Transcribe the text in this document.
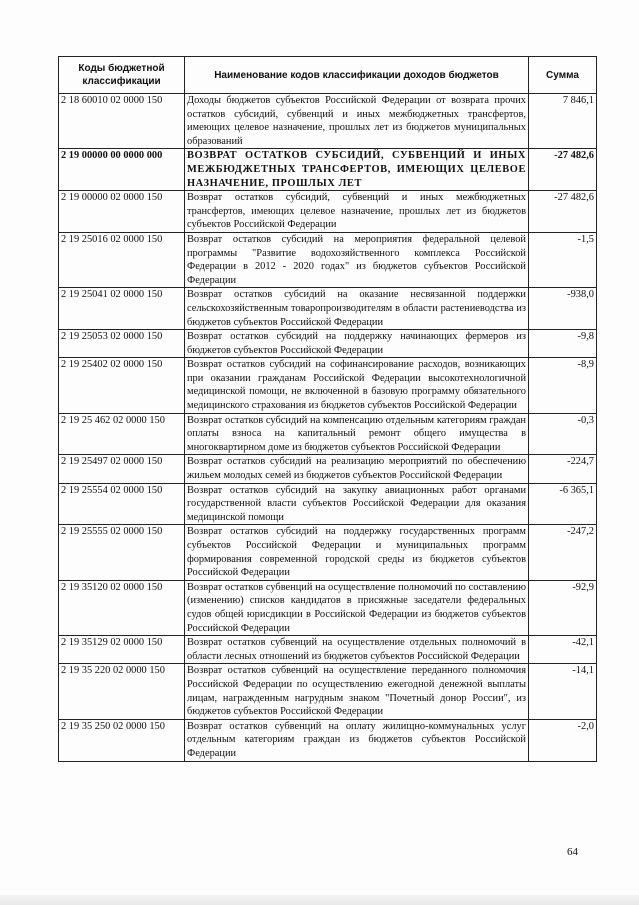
Коды бюджетной классификации	Наименование кодов классификации доходов бюджетов	Сумма
2 18 60010 02 0000 150	Доходы бюджетов субъектов Российской Федерации от возврата прочих остатков субсидий, субвенций и иных межбюджетных трансфертов, имеющих целевое назначение, прошлых лет из бюджетов муниципальных образований	7 846,1
2 19 00000 00 0000 000	ВОЗВРАТ ОСТАТКОВ СУБСИДИЙ, СУБВЕНЦИЙ И ИНЫХ МЕЖБЮДЖЕТНЫХ ТРАНСФЕРТОВ, ИМЕЮЩИХ ЦЕЛЕВОЕ НАЗНАЧЕНИЕ, ПРОШЛЫХ ЛЕТ	-27 482,6
2 19 00000 02 0000 150	Возврат остатков субсидий, субвенций и иных межбюджетных трансфертов, имеющих целевое назначение, прошлых лет из бюджетов субъектов Российской Федерации	-27 482,6
2 19 25016 02 0000 150	Возврат остатков субсидий на мероприятия федеральной целевой программы "Развитие водохозяйственного комплекса Российской Федерации в 2012 - 2020 годах" из бюджетов субъектов Российской Федерации	-1,5
2 19 25041 02 0000 150	Возврат остатков субсидий на оказание несвязанной поддержки сельскохозяйственным товаропроизводителям в области растениеводства из бюджетов субъектов Российской Федерации	-938,0
2 19 25053 02 0000 150	Возврат остатков субсидий на поддержку начинающих фермеров из бюджетов субъектов Российской Федерации	-9,8
2 19 25402 02 0000 150	Возврат остатков субсидий на софинансирование расходов, возникающих при оказании гражданам Российской Федерации высокотехнологичной медицинской помощи, не включенной в базовую программу обязательного медицинского страхования из бюджетов субъектов Российской Федерации	-8,9
2 19 25 462 02 0000 150	Возврат остатков субсидий на компенсацию отдельным категориям граждан оплаты взноса на капитальный ремонт общего имущества в многоквартирном доме из бюджетов субъектов Российской Федерации	-0,3
2 19 25497 02 0000 150	Возврат остатков субсидий на реализацию мероприятий по обеспечению жильем молодых семей из бюджетов субъектов Российской Федерации	-224,7
2 19 25554 02 0000 150	Возврат остатков субсидий на закупку авиационных работ органами государственной власти субъектов Российской Федерации для оказания медицинской помощи	-6 365,1
2 19 25555 02 0000 150	Возврат остатков субсидий на поддержку государственных программ субъектов Российской Федерации и муниципальных программ формирования современной городской среды из бюджетов субъектов Российской Федерации	-247,2
2 19 35120 02 0000 150	Возврат остатков субвенций на осуществление полномочий по составлению (изменению) списков кандидатов в присяжные заседатели федеральных судов общей юрисдикции в Российской Федерации из бюджетов субъектов Российской Федерации	-92,9
2 19 35129 02 0000 150	Возврат остатков субвенций на осуществление отдельных полномочий в области лесных отношений из бюджетов субъектов Российской Федерации	-42,1
2 19 35 220 02 0000 150	Возврат остатков субвенций на осуществление переданного полномочия Российской Федерации по осуществлению ежегодной денежной выплаты лицам, награжденным нагрудным знаком "Почетный донор России", из бюджетов субъектов Российской Федерации	-14,1
2 19 35 250 02 0000 150	Возврат остатков субвенций на оплату жилищно-коммунальных услуг отдельным категориям граждан из бюджетов субъектов Российской Федерации	-2,0
64
